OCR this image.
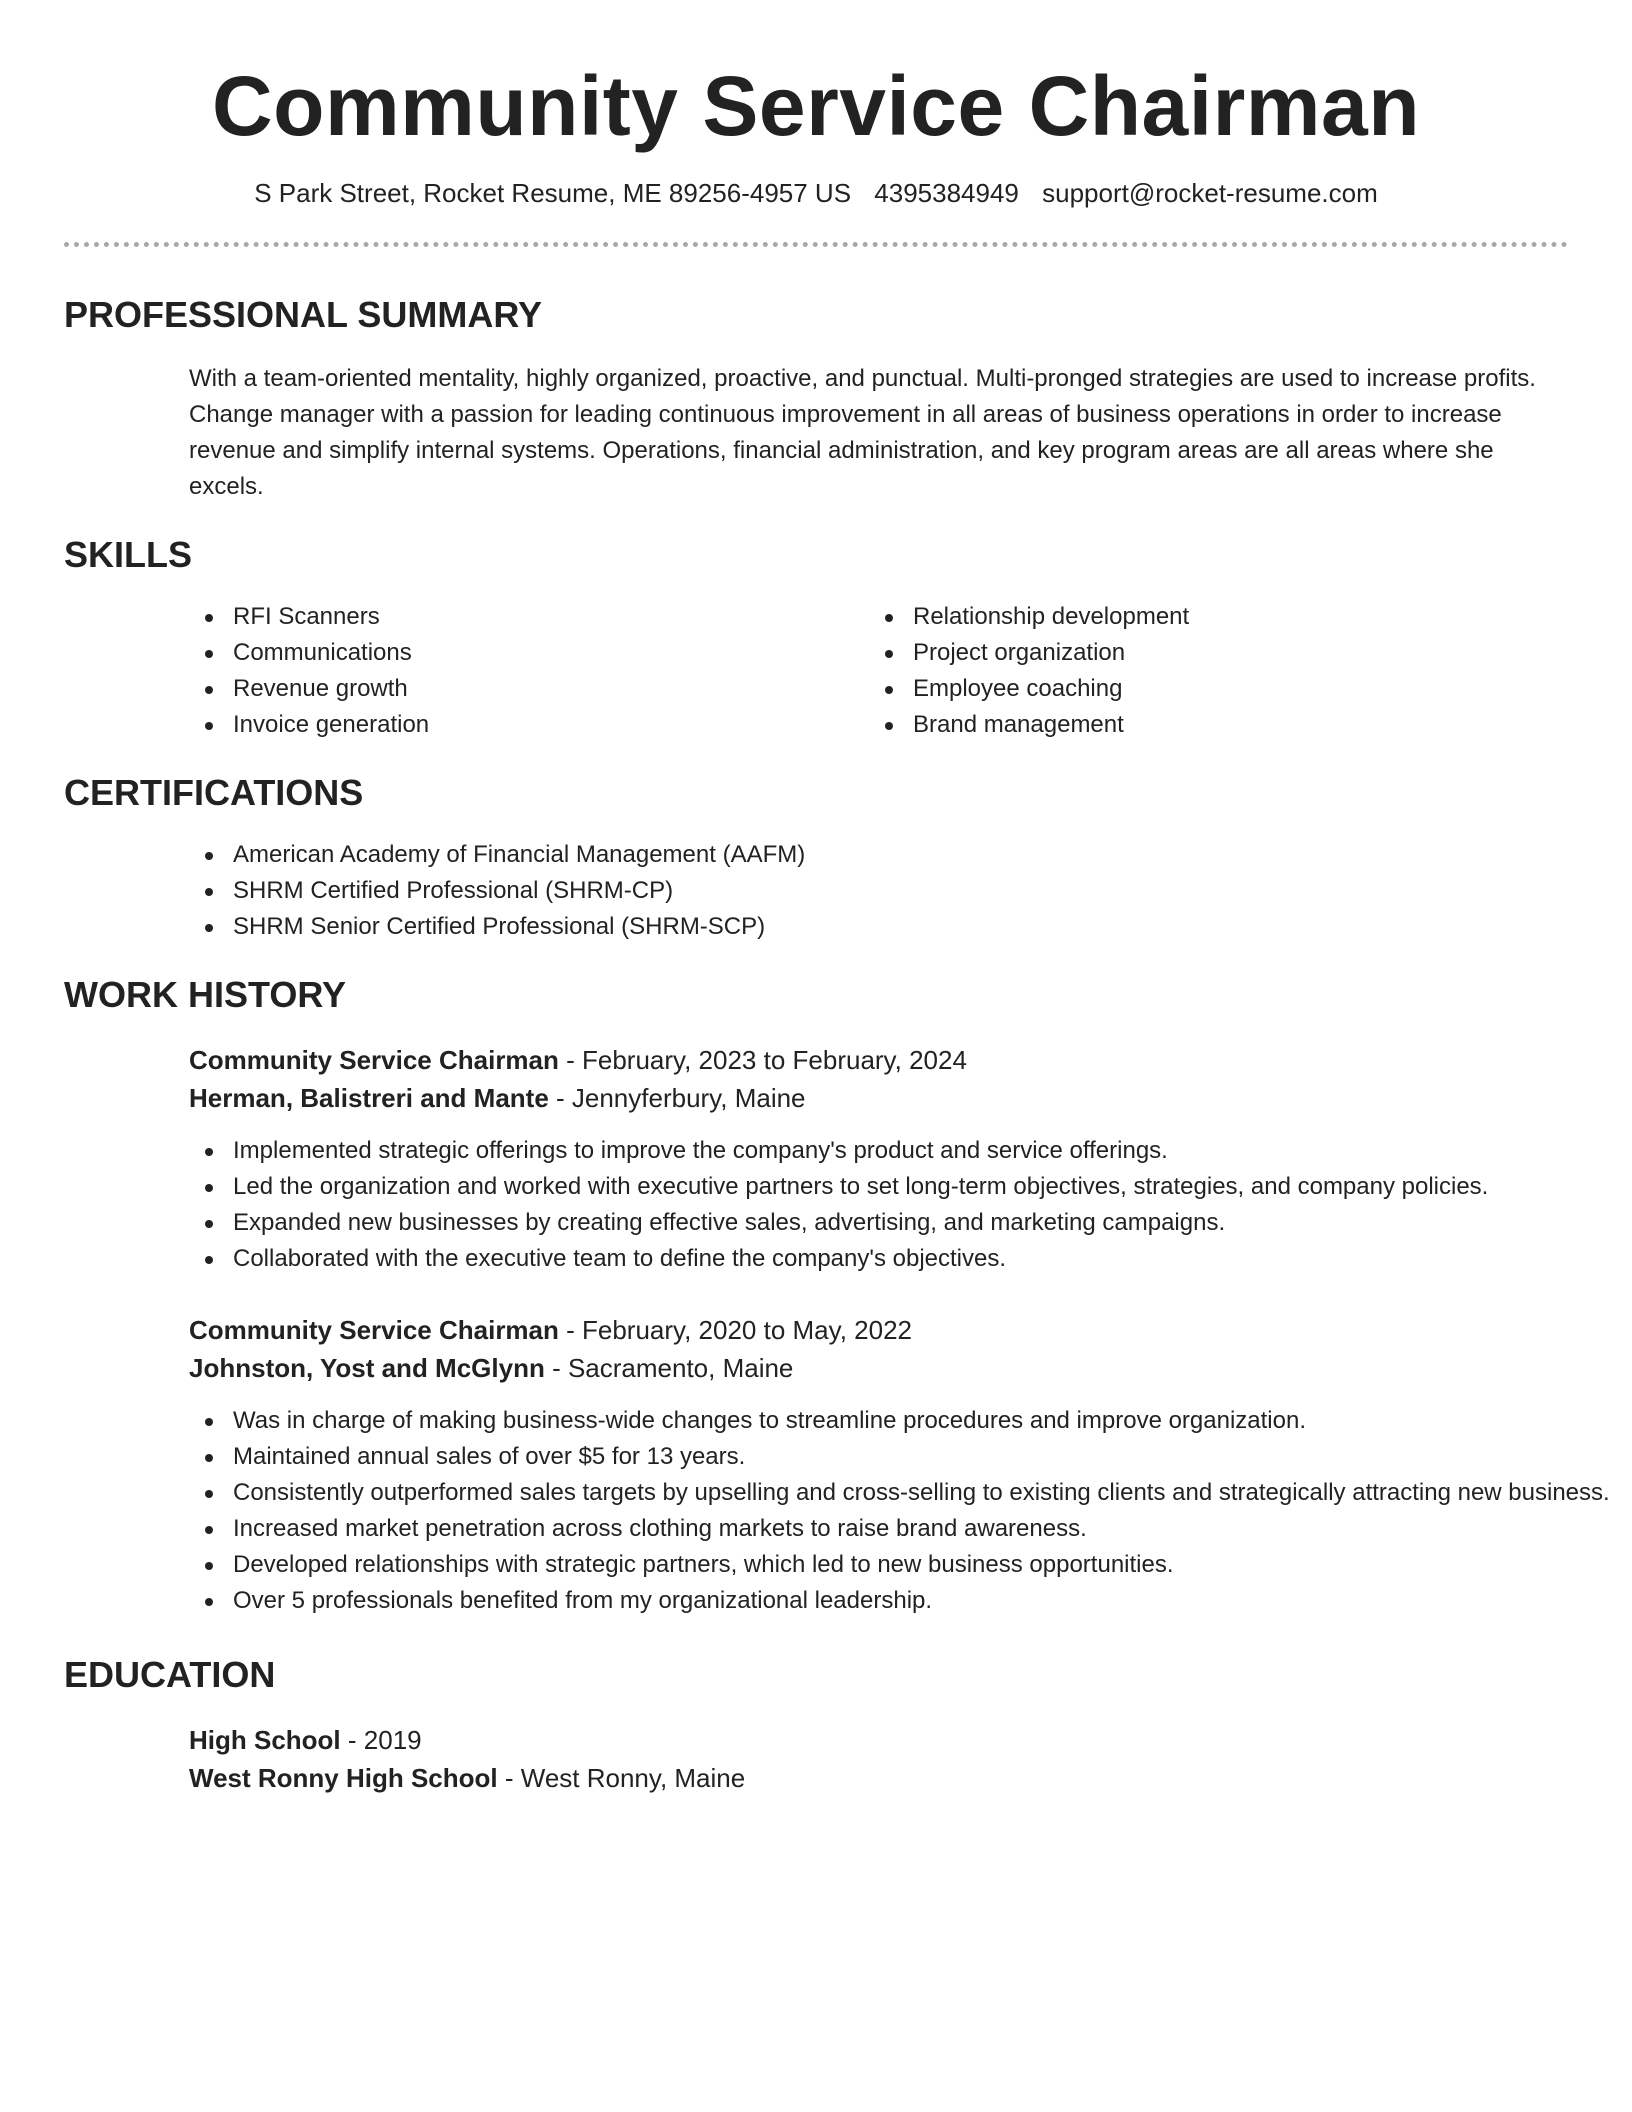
Community Service Chairman
S Park Street, Rocket Resume, ME 89256-4957 US 4395384949 support@rocket-resume.com
PROFESSIONAL SUMMARY

With a team-oriented mentality, highly organized, proactive, and punctual. Multi-pronged strategies are used to increase profits. Change manager with a passion for leading continuous improvement in all areas of business operations in order to increase revenue and simplify internal systems. Operations, financial administration, and key program areas are all areas where she excels.

SKILLS
RFI Scanners
Communications
Revenue growth
Invoice generation
Relationship development
Project organization
Employee coaching
Brand management
CERTIFICATIONS
American Academy of Financial Management (AAFM)
SHRM Certified Professional (SHRM-CP)
SHRM Senior Certified Professional (SHRM-SCP)
WORK HISTORY
Community Service Chairman - February, 2023 to February, 2024
Herman, Balistreri and Mante - Jennyferbury, Maine
Implemented strategic offerings to improve the company's product and service offerings.
Led the organization and worked with executive partners to set long-term objectives, strategies, and company policies.
Expanded new businesses by creating effective sales, advertising, and marketing campaigns.
Collaborated with the executive team to define the company's objectives.
Community Service Chairman - February, 2020 to May, 2022
Johnston, Yost and McGlynn - Sacramento, Maine
Was in charge of making business-wide changes to streamline procedures and improve organization.
Maintained annual sales of over $5 for 13 years.
Consistently outperformed sales targets by upselling and cross-selling to existing clients and strategically attracting new business.
Increased market penetration across clothing markets to raise brand awareness.
Developed relationships with strategic partners, which led to new business opportunities.
Over 5 professionals benefited from my organizational leadership.
EDUCATION
High School - 2019
West Ronny High School - West Ronny, Maine
